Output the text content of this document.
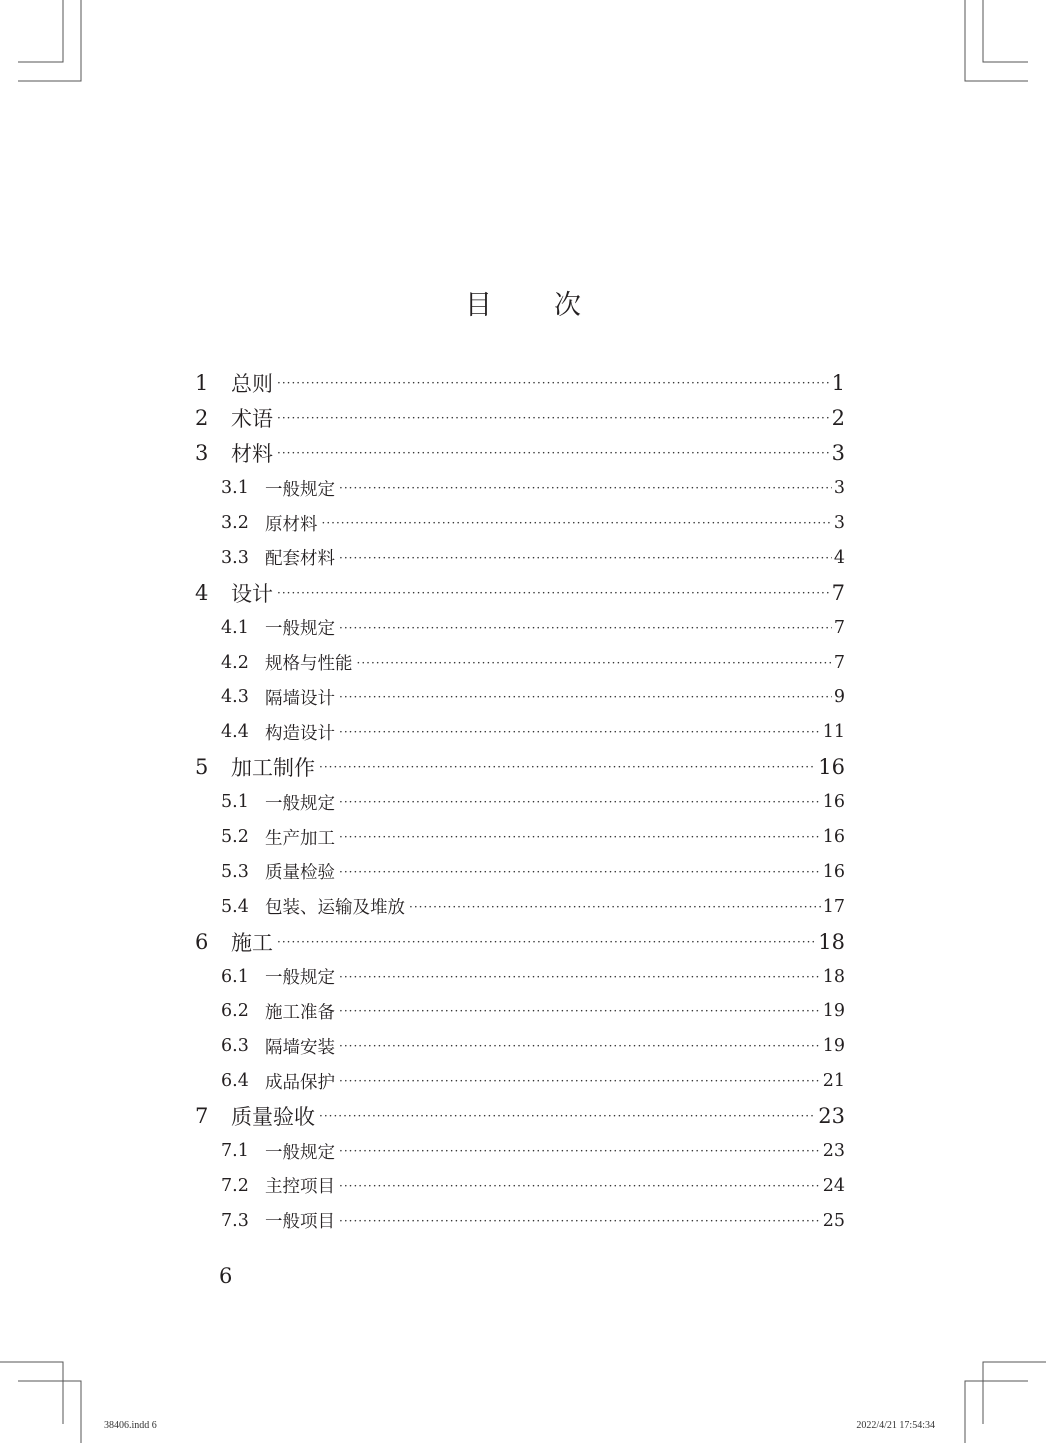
目 次
1	总则 ·····	1
2	术语 ·····	2
3	材料 ·····	3
3.1 一般规定 ·····	3
3.2 原材料 ·····	3
3.3 配套材料 ·····	4
4	设计 ·····	7
4.1 一般规定 ·····	7
4.2 规格与性能 ·····	7
4.3 隔墙设计 ·····	9
4.4 构造设计 ·····	11
5	加工制作 ·····	16
5.1 一般规定 ·····	16
5.2 生产加工 ·····	16
5.3 质量检验 ·····	16
5.4 包装、运输及堆放 ·····	17
6	施工 ·····	18
6.1 一般规定 ·····	18
6.2 施工准备 ·····	19
6.3 隔墙安装 ·····	19
6.4 成品保护 ·····	21
7	质量验收 ·····	23
7.1 一般规定 ·····	23
7.2 主控项目 ·····	24
7.3 一般项目 ·····	25
6
38406.indd 6	2022/4/21 17:54:34
